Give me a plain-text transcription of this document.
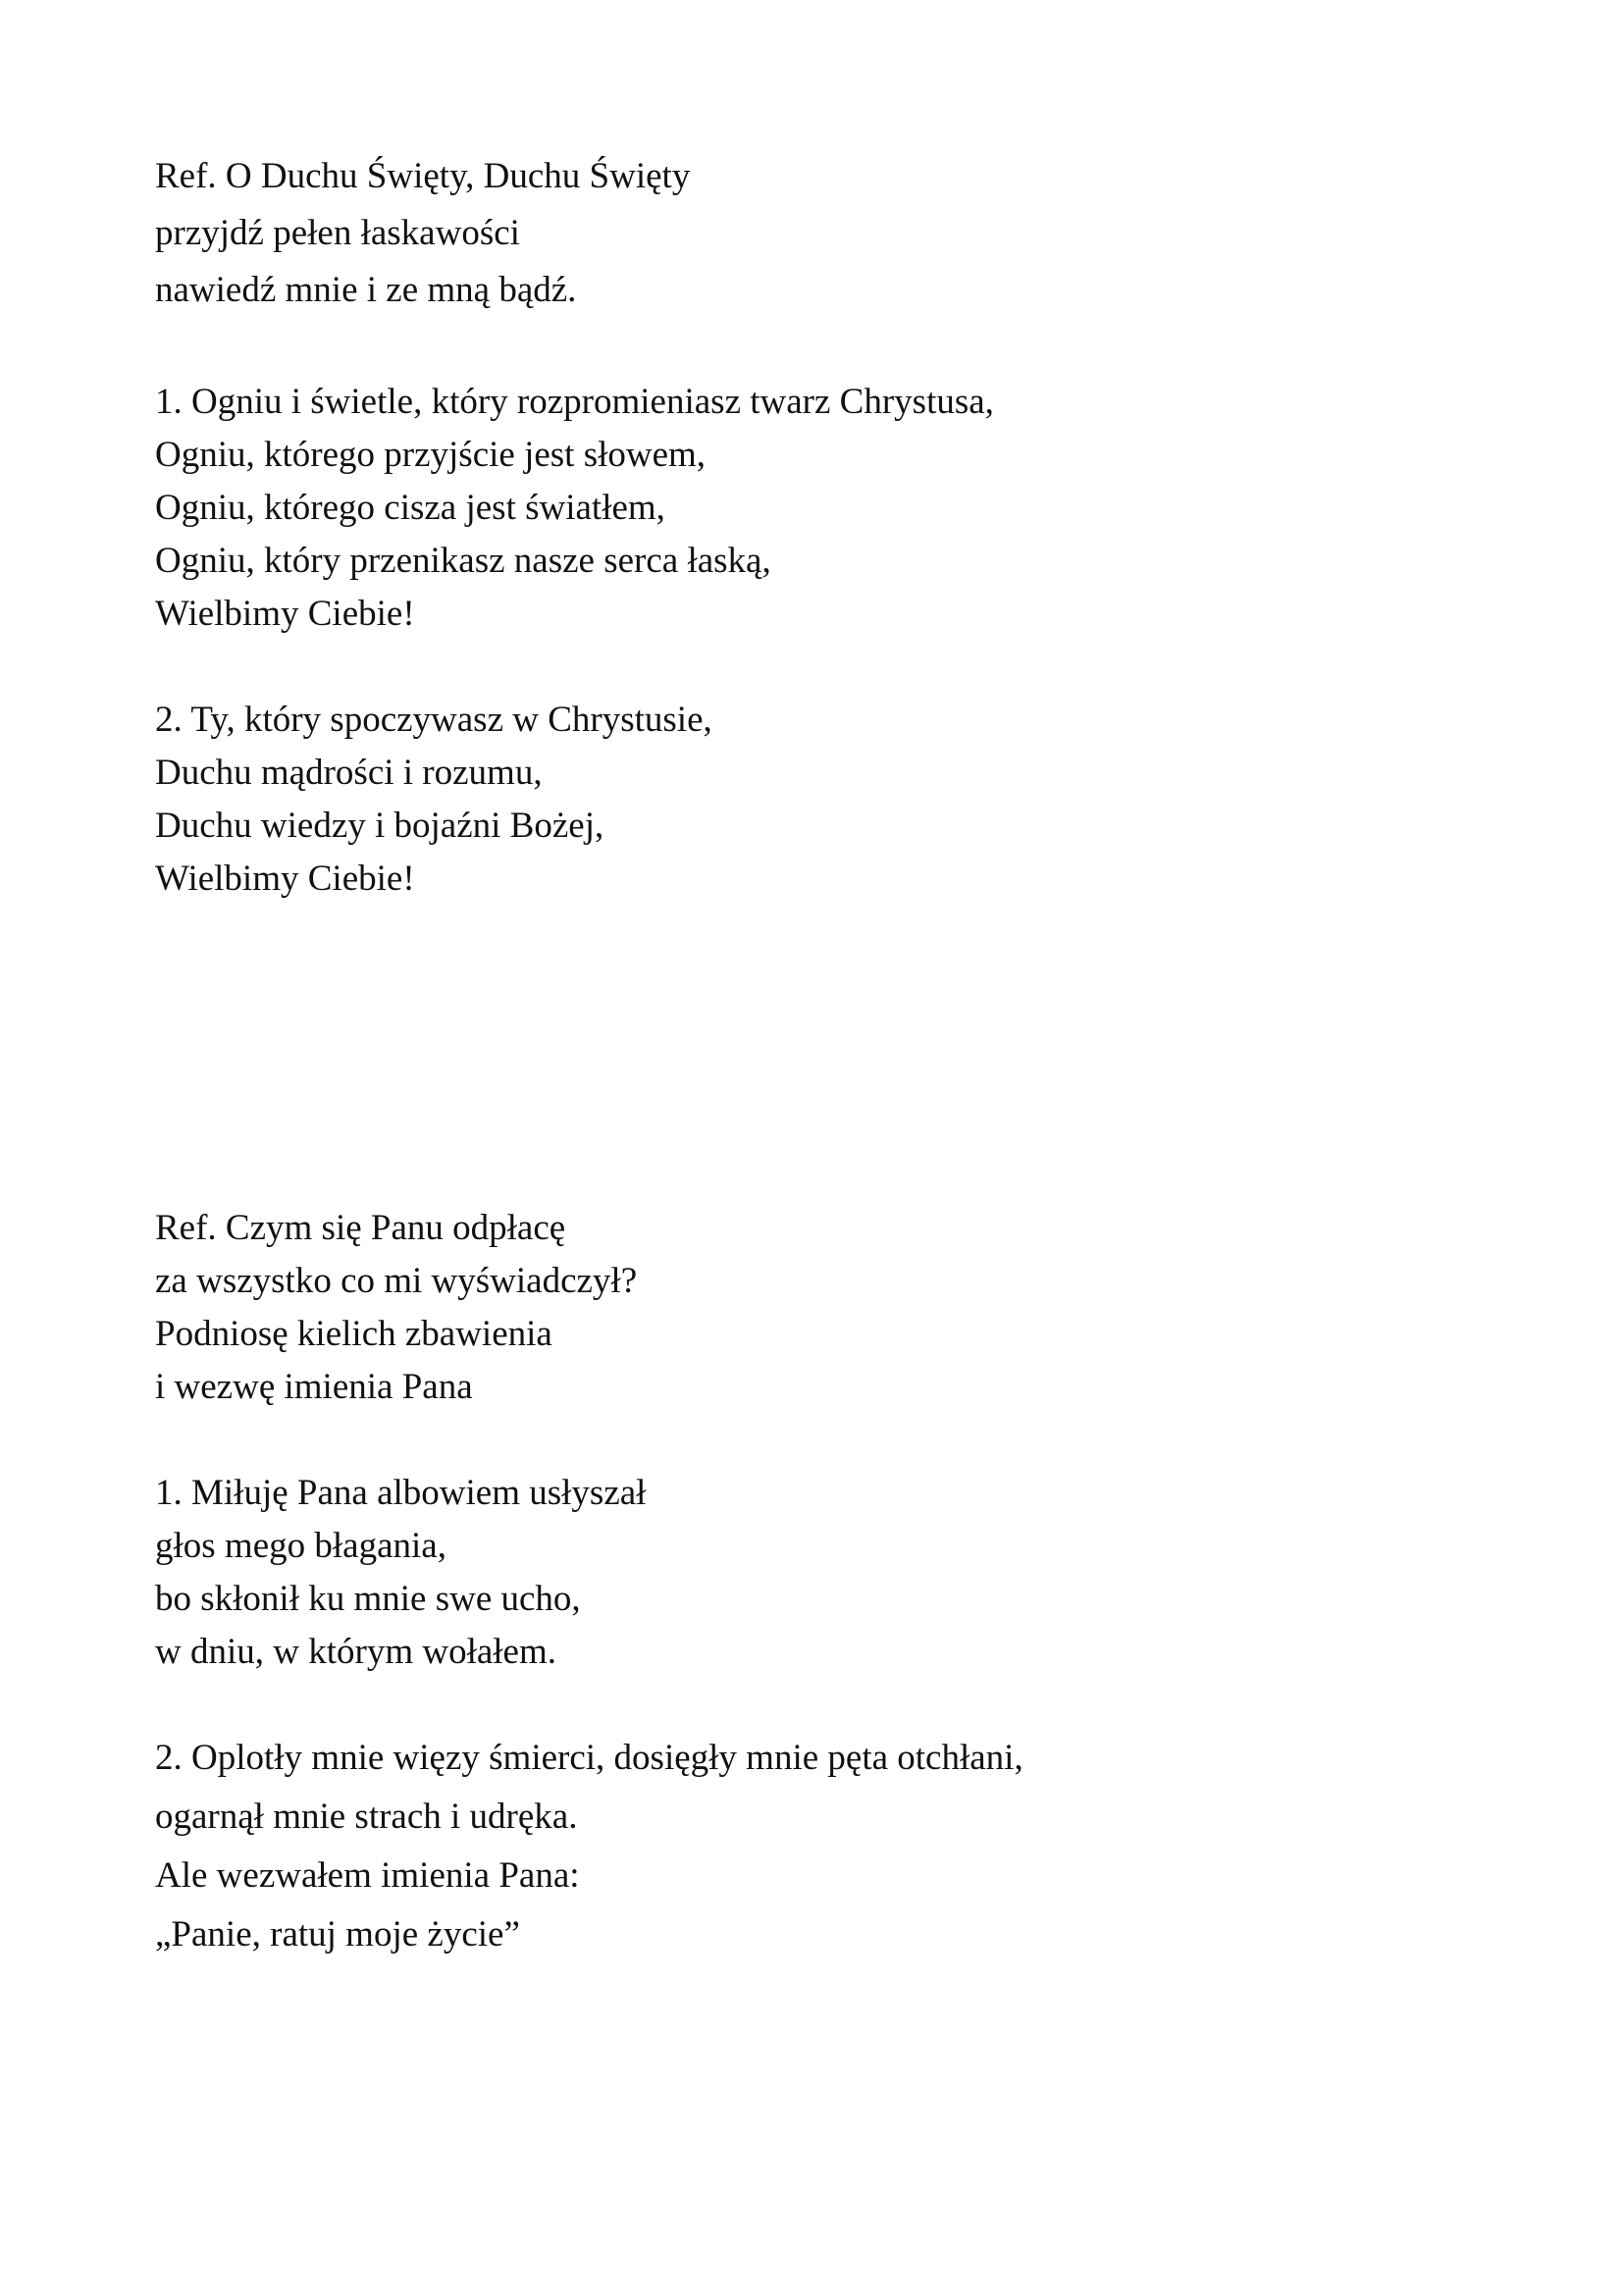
Ref. O Duchu Święty, Duchu Święty
przyjdź pełen łaskawości
nawiedź mnie i ze mną bądź.
1. Ogniu i świetle, który rozpromieniasz twarz Chrystusa,
Ogniu, którego przyjście jest słowem,
Ogniu, którego cisza jest światłem,
Ogniu, który przenikasz nasze serca łaską,
Wielbimy Ciebie!
2. Ty, który spoczywasz w Chrystusie,
Duchu mądrości i rozumu,
Duchu wiedzy i bojaźni Bożej,
Wielbimy Ciebie!
Ref. Czym się Panu odpłacę
za wszystko co mi wyświadczył?
Podniosę kielich zbawienia
i wezwę imienia Pana
1. Miłuję Pana albowiem usłyszał
głos mego błagania,
bo skłonił ku mnie swe ucho,
w dniu, w którym wołałem.
2. Oplotły mnie więzy śmierci, dosięgły mnie pęta otchłani,
ogarnął mnie strach i udręka.
Ale wezwałem imienia Pana:
„Panie, ratuj moje życie”
